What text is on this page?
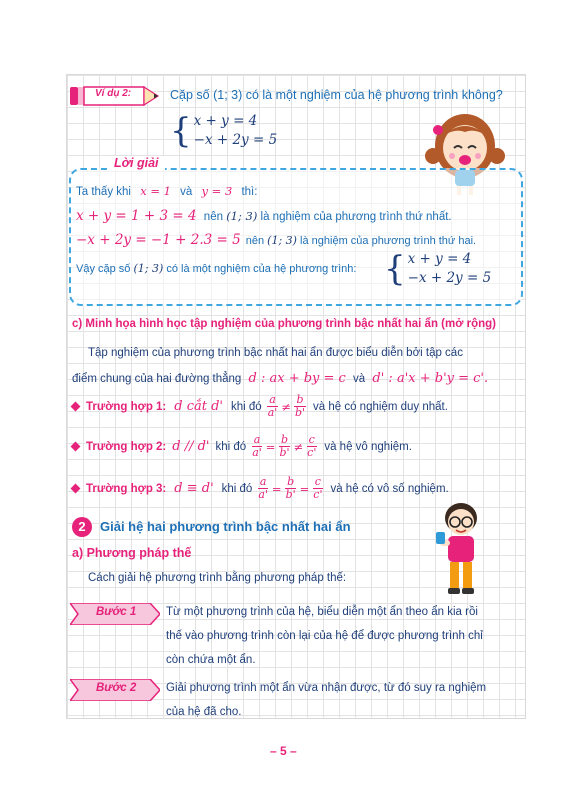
Ví dụ 2:	Cặp số (1; 3) có là một nghiệm của hệ phương trình không?
{ x + y = 4
−x + 2y = 5
Lời giải
Ta thấy khi x = 1 và y = 3 thì:
x + y = 1 + 3 = 4 nên (1; 3) là nghiệm của phương trình thứ nhất.
−x + 2y = −1 + 2.3 = 5 nên (1; 3) là nghiệm của phương trình thứ hai.
Vậy cặp số (1; 3) có là một nghiệm của hệ phương trình: { x + y = 4
−x + 2y = 5
c) Minh họa hình học tập nghiệm của phương trình bậc nhất hai ẩn (mở rộng)
Tập nghiệm của phương trình bậc nhất hai ẩn được biểu diễn bởi tập các
điểm chung của hai đường thẳng d : ax + by = c và d' : a'x + b'y = c'.
Trường hợp 1: d cắt d' khi đó $\frac{a}{a'} \ne \frac{b}{b'}$ và hệ có nghiệm duy nhất.
Trường hợp 2: d // d' khi đó $\frac{a}{a'} = \frac{b}{b'} \ne \frac{c}{c'}$ và hệ vô nghiệm.
Trường hợp 3: d ≡ d' khi đó $\frac{a}{a'} = \frac{b}{b'} = \frac{c}{c'}$ và hệ có vô số nghiệm.
2	Giải hệ hai phương trình bậc nhất hai ẩn
a) Phương pháp thế
Cách giải hệ phương trình bằng phương pháp thế:
Bước 1	Từ một phương trình của hệ, biểu diễn một ẩn theo ẩn kia rồi
thế vào phương trình còn lại của hệ để được phương trình chỉ
còn chứa một ẩn.
Bước 2	Giải phương trình một ẩn vừa nhận được, từ đó suy ra nghiệm
của hệ đã cho.
– 5 –
